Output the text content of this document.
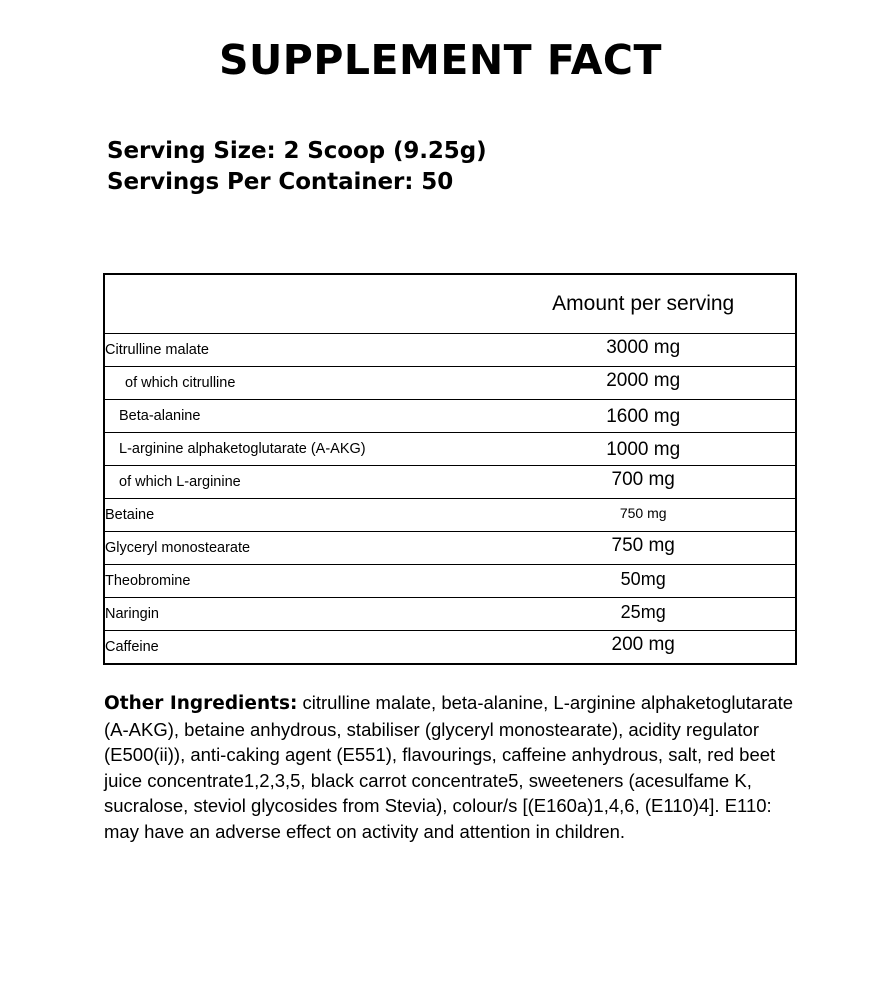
SUPPLEMENT FACT
Serving Size: 2 Scoop (9.25g)
Servings Per Container: 50
	Amount per serving
Citrulline malate	3000 mg
of which citrulline	2000 mg
Beta-alanine	1600 mg
L-arginine alphaketoglutarate (A-AKG)	1000 mg
of which L-arginine	700 mg
Betaine	750 mg
Glyceryl monostearate	750 mg
Theobromine	50mg
Naringin	25mg
Caffeine	200 mg
Other Ingredients: citrulline malate, beta-alanine, L-arginine alphaketoglutarate (A-AKG), betaine anhydrous, stabiliser (glyceryl monostearate), acidity regulator (E500(ii)), anti-caking agent (E551), flavourings, caffeine anhydrous, salt, red beet juice concentrate1,2,3,5, black carrot concentrate5, sweeteners (acesulfame K, sucralose, steviol glycosides from Stevia), colour/s [(E160a)1,4,6, (E110)4]. E110: may have an adverse effect on activity and attention in children.
